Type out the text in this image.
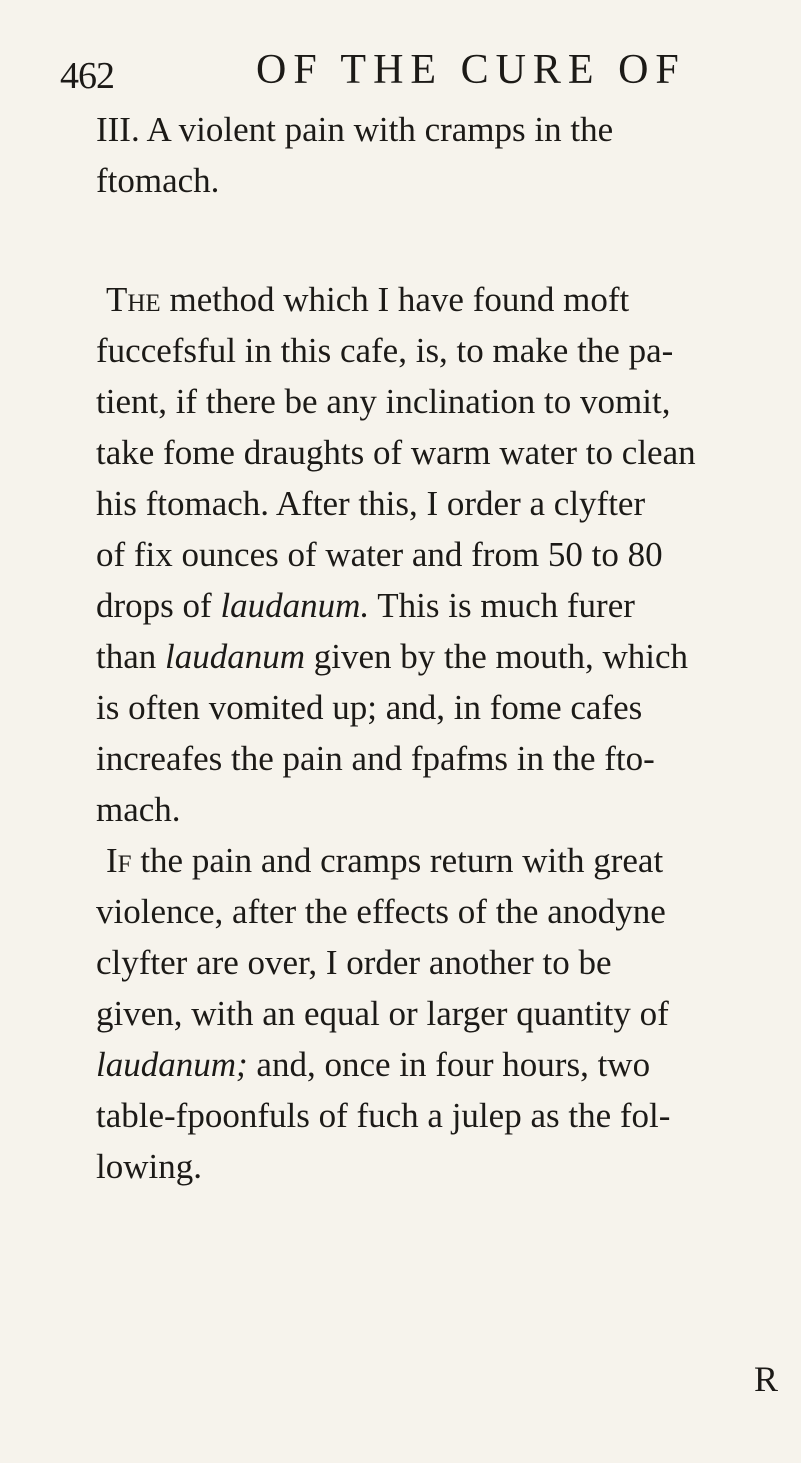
462	OF THE CURE OF
III. A violent pain with cramps in the
ftomach.
The method which I have found moft
fuccefsful in this cafe, is, to make the pa-
tient, if there be any inclination to vomit,
take fome draughts of warm water to clean
his ftomach. After this, I order a clyfter
of fix ounces of water and from 50 to 80
drops of laudanum. This is much furer
than laudanum given by the mouth, which
is often vomited up; and, in fome cafes
increafes the pain and fpafms in the fto-
mach.
If the pain and cramps return with great
violence, after the effects of the anodyne
clyfter are over, I order another to be
given, with an equal or larger quantity of
laudanum; and, once in four hours, two
table-fpoonfuls of fuch a julep as the fol-
lowing.
R
